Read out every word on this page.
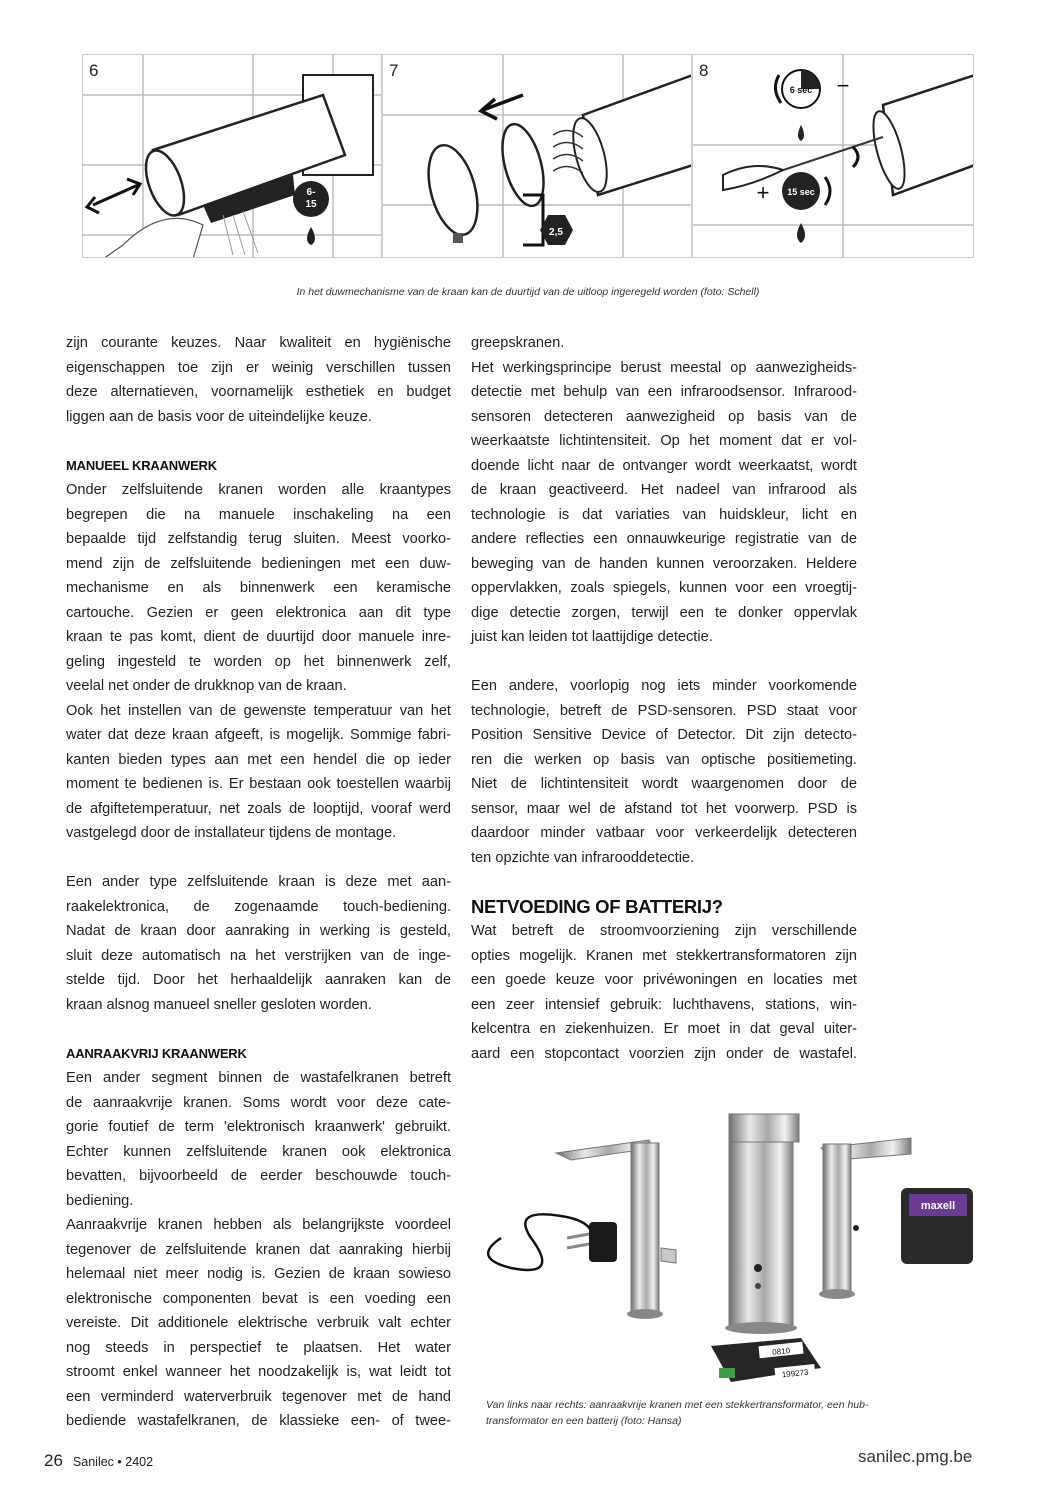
6
6-
15
7
2,5
8
6 sec −
15 sec
+
In het duwmechanisme van de kraan kan de duurtijd van de uitloop ingeregeld worden (foto: Schell)

zijn courante keuzes. Naar kwaliteit en hygiënische

eigenschappen toe zijn er weinig verschillen tussen

deze alternatieven, voornamelijk esthetiek en budget

liggen aan de basis voor de uiteindelijke keuze.

MANUEEL KRAANWERK

Onder zelfsluitende kranen worden alle kraantypes

begrepen die na manuele inschakeling na een

bepaalde tijd zelfstandig terug sluiten. Meest voorko-

mend zijn de zelfsluitende bedieningen met een duw-

mechanisme en als binnenwerk een keramische

cartouche. Gezien er geen elektronica aan dit type

kraan te pas komt, dient de duurtijd door manuele inre-

geling ingesteld te worden op het binnenwerk zelf,

veelal net onder de drukknop van de kraan.

Ook het instellen van de gewenste temperatuur van het

water dat deze kraan afgeeft, is mogelijk. Sommige fabri-

kanten bieden types aan met een hendel die op ieder

moment te bedienen is. Er bestaan ook toestellen waarbij

de afgiftetemperatuur, net zoals de looptijd, vooraf werd

vastgelegd door de installateur tijdens de montage.

Een ander type zelfsluitende kraan is deze met aan-

raakelektronica, de zogenaamde touch-bediening.

Nadat de kraan door aanraking in werking is gesteld,

sluit deze automatisch na het verstrijken van de inge-

stelde tijd. Door het herhaaldelijk aanraken kan de

kraan alsnog manueel sneller gesloten worden.

AANRAAKVRIJ KRAANWERK

Een ander segment binnen de wastafelkranen betreft

de aanraakvrije kranen. Soms wordt voor deze cate-

gorie foutief de term 'elektronisch kraanwerk' gebruikt.

Echter kunnen zelfsluitende kranen ook elektronica

bevatten, bijvoorbeeld de eerder beschouwde touch-

bediening.

Aanraakvrije kranen hebben als belangrijkste voordeel

tegenover de zelfsluitende kranen dat aanraking hierbij

helemaal niet meer nodig is. Gezien de kraan sowieso

elektronische componenten bevat is een voeding een

vereiste. Dit additionele elektrische verbruik valt echter

nog steeds in perspectief te plaatsen. Het water

stroomt enkel wanneer het noodzakelijk is, wat leidt tot

een verminderd waterverbruik tegenover met de hand

bediende wastafelkranen, de klassieke een- of twee-

greepskranen.

Het werkingsprincipe berust meestal op aanwezigheids-

detectie met behulp van een infraroodsensor. Infrarood-

sensoren detecteren aanwezigheid op basis van de

weerkaatste lichtintensiteit. Op het moment dat er vol-

doende licht naar de ontvanger wordt weerkaatst, wordt

de kraan geactiveerd. Het nadeel van infrarood als

technologie is dat variaties van huidskleur, licht en

andere reflecties een onnauwkeurige registratie van de

beweging van de handen kunnen veroorzaken. Heldere

oppervlakken, zoals spiegels, kunnen voor een vroegtij-

dige detectie zorgen, terwijl een te donker oppervlak

juist kan leiden tot laattijdige detectie.

Een andere, voorlopig nog iets minder voorkomende

technologie, betreft de PSD-sensoren. PSD staat voor

Position Sensitive Device of Detector. Dit zijn detecto-

ren die werken op basis van optische positiemeting.

Niet de lichtintensiteit wordt waargenomen door de

sensor, maar wel de afstand tot het voorwerp. PSD is

daardoor minder vatbaar voor verkeerdelijk detecteren

ten opzichte van infrarooddetectie.

NETVOEDING OF BATTERIJ?

Wat betreft de stroomvoorziening zijn verschillende

opties mogelijk. Kranen met stekkertransformatoren zijn

een goede keuze voor privéwoningen en locaties met

een zeer intensief gebruik: luchthavens, stations, win-

kelcentra en ziekenhuizen. Er moet in dat geval uiter-

aard een stopcontact voorzien zijn onder de wastafel.

maxell
0810
199273
Van links naar rechts: aanraakvrije kranen met een stekkertransformator, een hub-
transformator en een batterij (foto: Hansa)
26 Sanilec • 2402	sanilec.pmg.be
